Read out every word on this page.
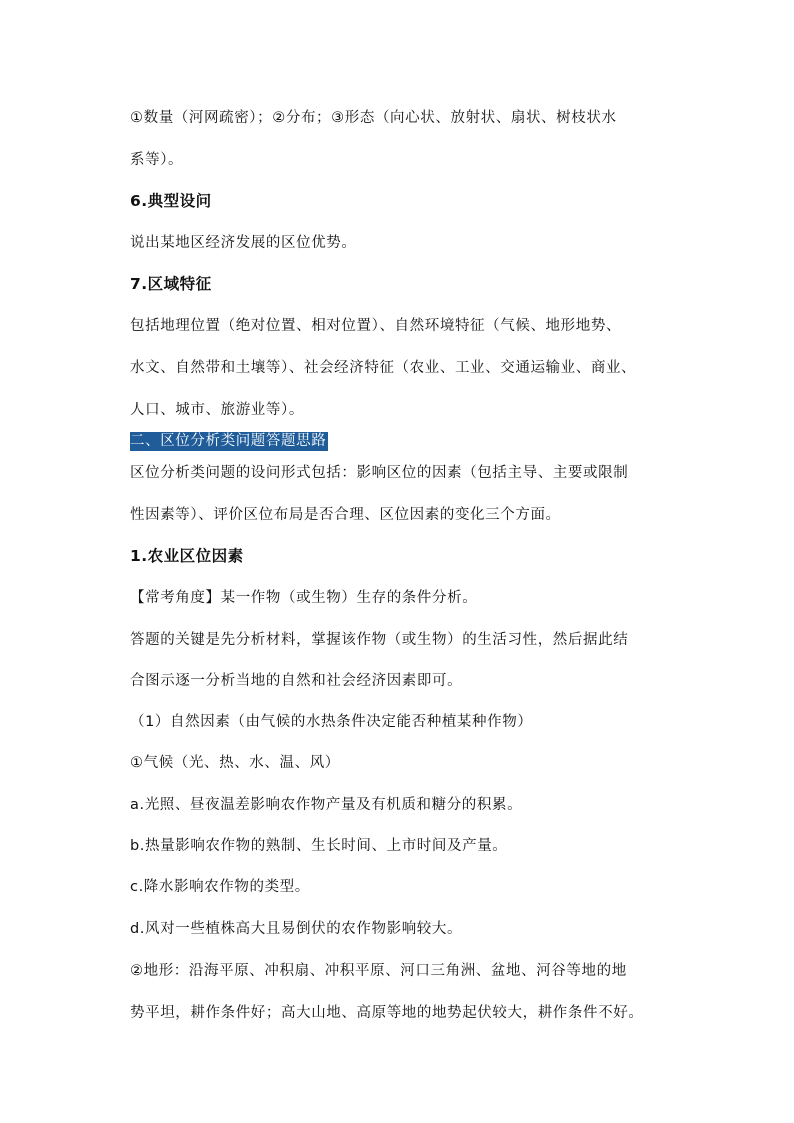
①数量（河网疏密）；②分布；③形态（向心状、放射状、扇状、树枝状水
系等）。
6.典型设问
说出某地区经济发展的区位优势。
7.区域特征
包括地理位置（绝对位置、相对位置）、自然环境特征（气候、地形地势、
水文、自然带和土壤等）、社会经济特征（农业、工业、交通运输业、商业、
人口、城市、旅游业等）。
二、区位分析类问题答题思路
区位分析类问题的设问形式包括：影响区位的因素（包括主导、主要或限制
性因素等）、评价区位布局是否合理、区位因素的变化三个方面。
1.农业区位因素
【常考角度】某一作物（或生物）生存的条件分析。
答题的关键是先分析材料，掌握该作物（或生物）的生活习性，然后据此结
合图示逐一分析当地的自然和社会经济因素即可。
（1）自然因素（由气候的水热条件决定能否种植某种作物）
①气候（光、热、水、温、风）
a.光照、昼夜温差影响农作物产量及有机质和糖分的积累。
b.热量影响农作物的熟制、生长时间、上市时间及产量。
c.降水影响农作物的类型。
d.风对一些植株高大且易倒伏的农作物影响较大。
②地形：沿海平原、冲积扇、冲积平原、河口三角洲、盆地、河谷等地的地
势平坦，耕作条件好；高大山地、高原等地的地势起伏较大，耕作条件不好。
